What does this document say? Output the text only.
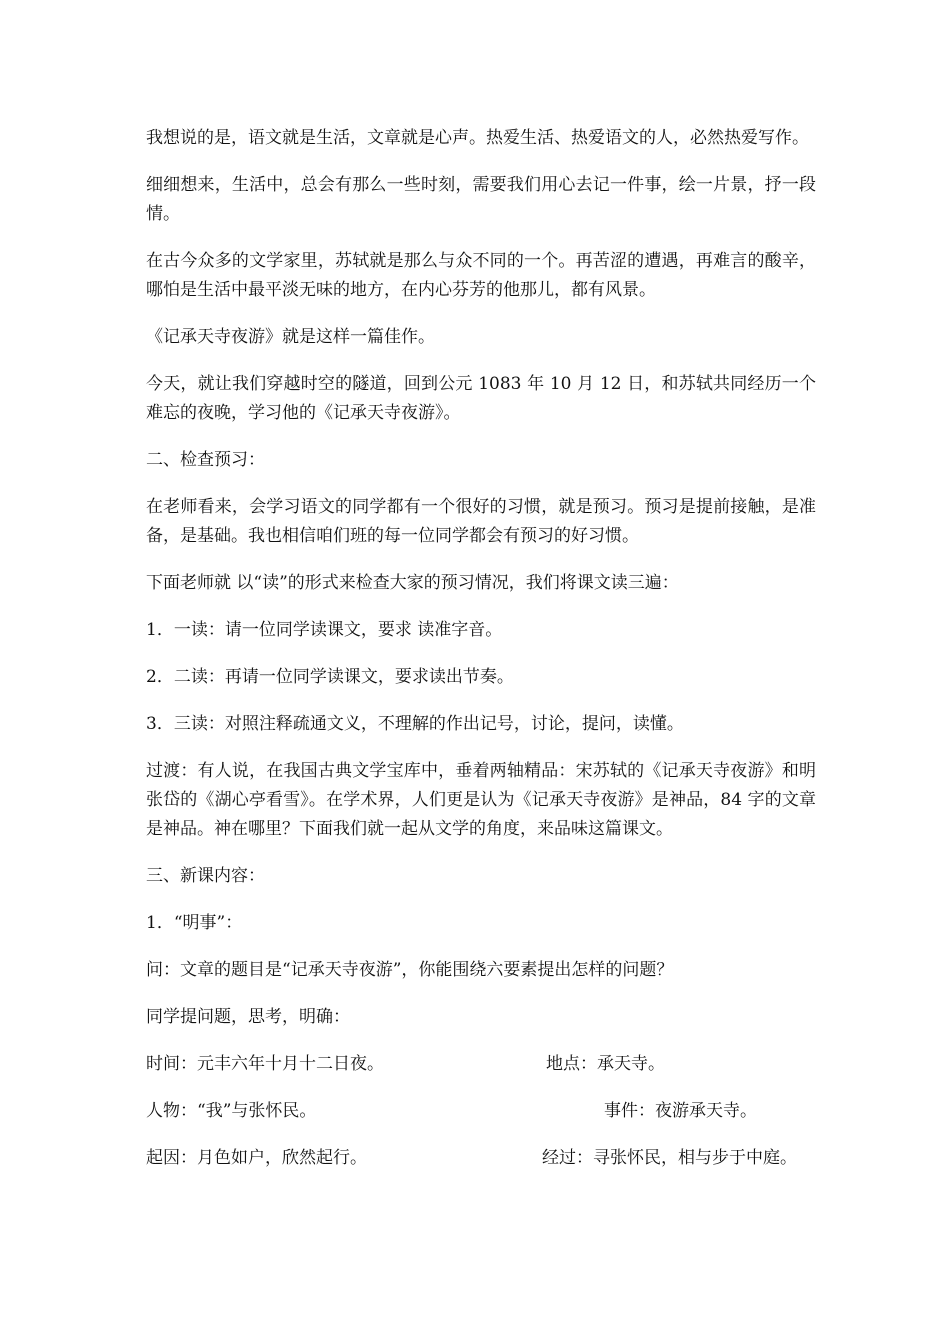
我想说的是，语文就是生活，文章就是心声。热爱生活、热爱语文的人，必然热爱写作。

细细想来，生活中，总会有那么一些时刻，需要我们用心去记一件事，绘一片景，抒一段情。

在古今众多的文学家里，苏轼就是那么与众不同的一个。再苦涩的遭遇，再难言的酸辛，哪怕是生活中最平淡无味的地方，在内心芬芳的他那儿，都有风景。

《记承天寺夜游》就是这样一篇佳作。

今天，就让我们穿越时空的隧道，回到公元 1083 年 10 月 12 日，和苏轼共同经历一个难忘的夜晚，学习他的《记承天寺夜游》。

二、检查预习：

在老师看来，会学习语文的同学都有一个很好的习惯，就是预习。预习是提前接触，是准备，是基础。我也相信咱们班的每一位同学都会有预习的好习惯。

下面老师就 以“读”的形式来检查大家的预习情况，我们将课文读三遍：

1．一读：请一位同学读课文，要求 读准字音。

2．二读：再请一位同学读课文，要求读出节奏。

3．三读：对照注释疏通文义，不理解的作出记号，讨论，提问，读懂。

过渡：有人说，在我国古典文学宝库中，垂着两轴精品：宋苏轼的《记承天寺夜游》和明张岱的《湖心亭看雪》。在学术界，人们更是认为《记承天寺夜游》是神品，84 字的文章是神品。神在哪里？下面我们就一起从文学的角度，来品味这篇课文。

三、新课内容：

1．“明事”：

问：文章的题目是“记承天寺夜游”，你能围绕六要素提出怎样的问题？

同学提问题，思考，明确：

时间：元丰六年十月十二日夜。	地点：承天寺。
人物：“我”与张怀民。	事件：夜游承天寺。
起因：月色如户，欣然起行。	经过：寻张怀民，相与步于中庭。
